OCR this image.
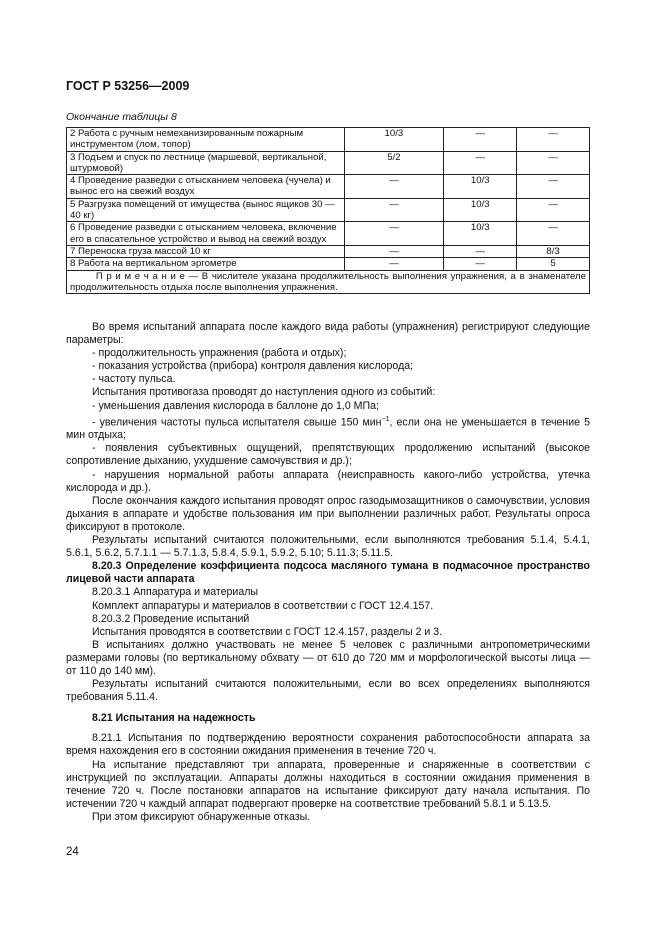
ГОСТ Р 53256—2009
Окончание таблицы 8
2 Работа с ручным немеханизированным пожарным инструментом (лом, топор)	10/3	—	—
3 Подъем и спуск по лестнице (маршевой, вертикальной, штурмовой)	5/2	—	—
4 Проведение разведки с отысканием человека (чучела) и вынос его на свежий воздух	—	10/3	—
5 Разгрузка помещений от имущества (вынос ящиков 30 — 40 кг)	—	10/3	—
6 Проведение разведки с отысканием человека, включение его в спасательное устройство и вывод на свежий воздух	—	10/3	—
7 Переноска груза массой 10 кг	—	—	8/3
8 Работа на вертикальном эргометре	—	—	5
П р и м е ч а н и е — В числителе указана продолжительность выполнения упражнения, а в знаменателе продолжительность отдыха после выполнения упражнения.			

Во время испытаний аппарата после каждого вида работы (упражнения) регистрируют следующие параметры:

- продолжительность упражнения (работа и отдых);

- показания устройства (прибора) контроля давления кислорода;

- частоту пульса.

Испытания противогаза проводят до наступления одного из событий:

- уменьшения давления кислорода в баллоне до 1,0 МПа;

- увеличения частоты пульса испытателя свыше 150 мин$^{-1}$, если она не уменьшается в течение 5 мин отдыха;

- появления субъективных ощущений, препятствующих продолжению испытаний (высокое сопротивление дыханию, ухудшение самочувствия и др.);

- нарушения нормальной работы аппарата (неисправность какого-либо устройства, утечка кислорода и др.).

После окончания каждого испытания проводят опрос газодымозащитников о самочувствии, условия дыхания в аппарате и удобстве пользования им при выполнении различных работ. Результаты опроса фиксируют в протоколе.

Результаты испытаний считаются положительными, если выполняются требования 5.1.4, 5.4.1, 5.6.1, 5.6.2, 5.7.1.1 — 5.7.1.3, 5.8.4, 5.9.1, 5.9.2, 5.10; 5.11.3; 5.11.5.

8.20.3 Определение коэффициента подсоса масляного тумана в подмасочное пространство лицевой части аппарата

8.20.3.1 Аппаратура и материалы

Комплект аппаратуры и материалов в соответствии с ГОСТ 12.4.157.

8.20.3.2 Проведение испытаний

Испытания проводятся в соответствии с ГОСТ 12.4.157, разделы 2 и 3.

В испытаниях должно участвовать не менее 5 человек с различными антропометрическими размерами головы (по вертикальному обхвату — от 610 до 720 мм и морфологической высоты лица — от 110 до 140 мм).

Результаты испытаний считаются положительными, если во всех определениях выполняются требования 5.11.4.

8.21 Испытания на надежность

8.21.1 Испытания по подтверждению вероятности сохранения работоспособности аппарата за время нахождения его в состоянии ожидания применения в течение 720 ч.

На испытание представляют три аппарата, проверенные и снаряженные в соответствии с инструкцией по эксплуатации. Аппараты должны находиться в состоянии ожидания применения в течение 720 ч. После постановки аппаратов на испытание фиксируют дату начала испытания. По истечении 720 ч каждый аппарат подвергают проверке на соответствие требований 5.8.1 и 5.13.5.

При этом фиксируют обнаруженные отказы.

24
